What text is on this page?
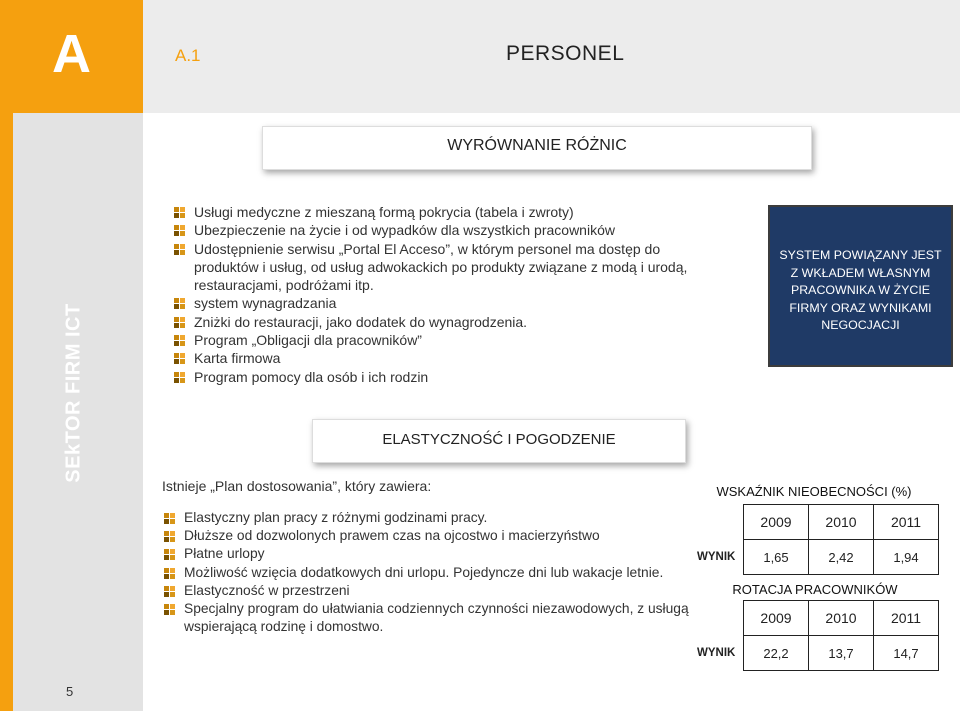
A	A.1	PERSONEL
SEkTOR FIRM ICT
5
WYRÓWNANIE RÓŻNIC
Usługi medyczne z mieszaną formą pokrycia (tabela i zwroty)
Ubezpieczenie na życie i od wypadków dla wszystkich pracowników
Udostępnienie serwisu „Portal El Acceso”, w którym personel ma dostęp do produktów i usług, od usług adwokackich po produkty związane z modą i urodą, restauracjami, podróżami itp.
system wynagradzania
Zniżki do restauracji, jako dodatek do wynagrodzenia.
Program „Obligacji dla pracowników”
Karta firmowa
Program pomocy dla osób i ich rodzin
SYSTEM POWIĄZANY JEST Z WKŁADEM WŁASNYM PRACOWNIKA W ŻYCIE FIRMY ORAZ WYNIKAMI NEGOCJACJI
ELASTYCZNOŚĆ I POGODZENIE
Istnieje „Plan dostosowania”, który zawiera:
Elastyczny plan pracy z różnymi godzinami pracy.
Dłuższe od dozwolonych prawem czas na ojcostwo i macierzyństwo
Płatne urlopy
Możliwość wzięcia dodatkowych dni urlopu. Pojedyncze dni lub wakacje letnie.
Elastyczność w przestrzeni
Specjalny program do ułatwiania codziennych czynności niezawodowych, z usługą wspierającą rodzinę i domostwo.
WSKAŹNIK NIEOBECNOŚCI (%)
	2009	2010	2011
WYNIK	1,65	2,42	1,94
ROTACJA PRACOWNIKÓW
	2009	2010	2011
WYNIK	22,2	13,7	14,7
